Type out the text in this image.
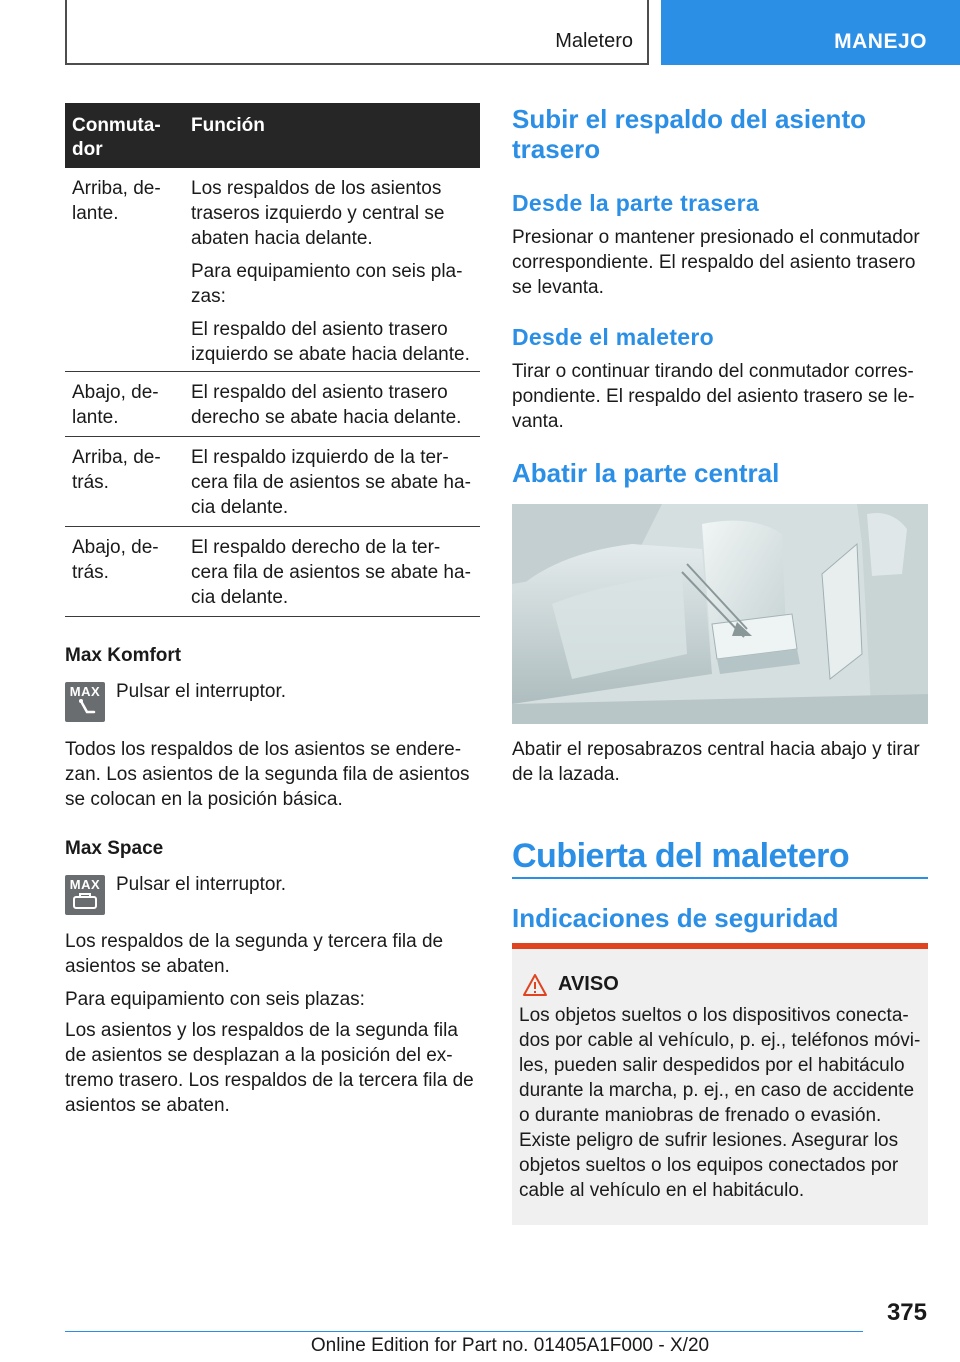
Maletero	MANEJO
Conmuta-
dor
Función
Arriba, de-
lante.

Los respaldos de los asientos traseros izquierdo y central se abaten hacia delante.

Para equipamiento con seis pla-
zas:

El respaldo del asiento trasero izquierdo se abate hacia delante.

Abajo, de-
lante.

El respaldo del asiento trasero derecho se abate hacia delante.

Arriba, de-
trás.

El respaldo izquierdo de la ter-
cera fila de asientos se abate ha-
cia delante.

Abajo, de-
trás.

El respaldo derecho de la ter-
cera fila de asientos se abate ha-
cia delante.

Max Komfort
MAX Pulsar el interruptor.
Todos los respaldos de los asientos se endere-
zan. Los asientos de la segunda fila de asientos
se colocan en la posición básica.
Max Space
MAX Pulsar el interruptor.
Los respaldos de la segunda y tercera fila de
asientos se abaten.
Para equipamiento con seis plazas:
Los asientos y los respaldos de la segunda fila
de asientos se desplazan a la posición del ex-
tremo trasero. Los respaldos de la tercera fila de
asientos se abaten.
Subir el respaldo del asiento
trasero
Desde la parte trasera
Presionar o mantener presionado el conmutador
correspondiente. El respaldo del asiento trasero
se levanta.
Desde el maletero
Tirar o continuar tirando del conmutador corres-
pondiente. El respaldo del asiento trasero se le-
vanta.
Abatir la parte central
Abatir el reposabrazos central hacia abajo y tirar
de la lazada.
Cubierta del maletero
Indicaciones de seguridad
AVISO
Los objetos sueltos o los dispositivos conecta-
dos por cable al vehículo, p. ej., teléfonos móvi-
les, pueden salir despedidos por el habitáculo
durante la marcha, p. ej., en caso de accidente
o durante maniobras de frenado o evasión.
Existe peligro de sufrir lesiones. Asegurar los
objetos sueltos o los equipos conectados por
cable al vehículo en el habitáculo.
375
Online Edition for Part no. 01405A1F000 - X/20
